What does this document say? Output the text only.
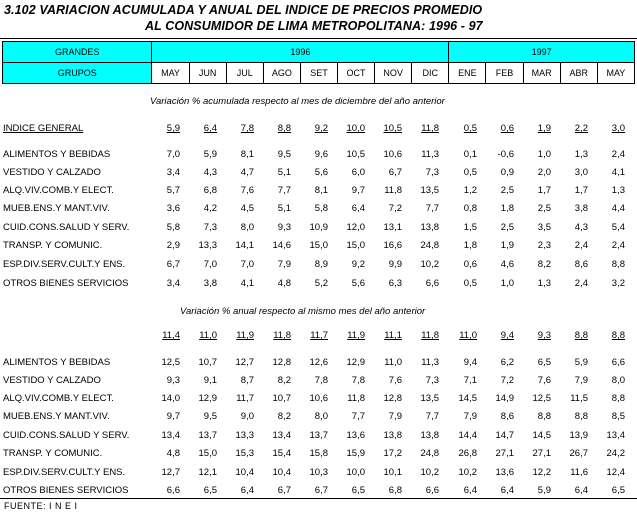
3.102 VARIACION ACUMULADA Y ANUAL DEL INDICE DE PRECIOS PROMEDIO
AL CONSUMIDOR DE LIMA METROPOLITANA: 1996 - 97
GRANDES	1996								1997				
GRUPOS	MAY	JUN	JUL	AGO	SET	OCT	NOV	DIC	ENE	FEB	MAR	ABR	MAY
Variación % acumulada respecto al mes de diciembre del año anterior
Variación % anual respecto al mismo mes del año anterior
INDICE GENERAL	5,9	6,4	7,8	8,8	9,2	10,0	10,5	11,8	0,5	0,6	1,9	2,2	3,0
ALIMENTOS Y BEBIDAS	7,0	5,9	8,1	9,5	9,6	10,5	10,6	11,3	0,1	-0,6	1,0	1,3	2,4
VESTIDO Y CALZADO	3,4	4,3	4,7	5,1	5,6	6,0	6,7	7,3	0,5	0,9	2,0	3,0	4,1
ALQ.VIV.COMB.Y ELECT.	5,7	6,8	7,6	7,7	8,1	9,7	11,8	13,5	1,2	2,5	1,7	1,7	1,3
MUEB.ENS.Y MANT.VIV.	3,6	4,2	4,5	5,1	5,8	6,4	7,2	7,7	0,8	1,8	2,5	3,8	4,4
CUID.CONS.SALUD Y SERV.	5,8	7,3	8,0	9,3	10,9	12,0	13,1	13,8	1,5	2,5	3,5	4,3	5,4
TRANSP. Y COMUNIC.	2,9	13,3	14,1	14,6	15,0	15,0	16,6	24,8	1,8	1,9	2,3	2,4	2,4
ESP.DIV.SERV.CULT.Y ENS.	6,7	7,0	7,0	7,9	8,9	9,2	9,9	10,2	0,6	4,6	8,2	8,6	8,8
OTROS BIENES SERVICIOS	3,4	3,8	4,1	4,8	5,2	5,6	6,3	6,6	0,5	1,0	1,3	2,4	3,2
11,4	11,0	11,9	11,8	11,7	11,9	11,1	11,8	11,0	9,4	9,3	8,8	8,8
ALIMENTOS Y BEBIDAS	12,5	10,7	12,7	12,8	12,6	12,9	11,0	11,3	9,4	6,2	6,5	5,9	6,6
VESTIDO Y CALZADO	9,3	9,1	8,7	8,2	7,8	7,8	7,6	7,3	7,1	7,2	7,6	7,9	8,0
ALQ.VIV.COMB.Y ELECT.	14,0	12,9	11,7	10,7	10,6	11,8	12,8	13,5	14,5	14,9	12,5	11,5	8,8
MUEB.ENS.Y MANT.VIV.	9,7	9,5	9,0	8,2	8,0	7,7	7,9	7,7	7,9	8,6	8,8	8,8	8,5
CUID.CONS.SALUD Y SERV.	13,4	13,7	13,3	13,4	13,7	13,6	13,8	13,8	14,4	14,7	14,5	13,9	13,4
TRANSP. Y COMUNIC.	4,8	15,0	15,3	15,4	15,8	15,9	17,2	24,8	26,8	27,1	27,1	26,7	24,2
ESP.DIV.SERV.CULT.Y ENS.	12,7	12,1	10,4	10,4	10,3	10,0	10,1	10,2	10,2	13,6	12,2	11,6	12,4
OTROS BIENES SERVICIOS	6,6	6,5	6,4	6,7	6,7	6,5	6,8	6,6	6,4	6,4	5,9	6,4	6,5
FUENTE: I N E I
